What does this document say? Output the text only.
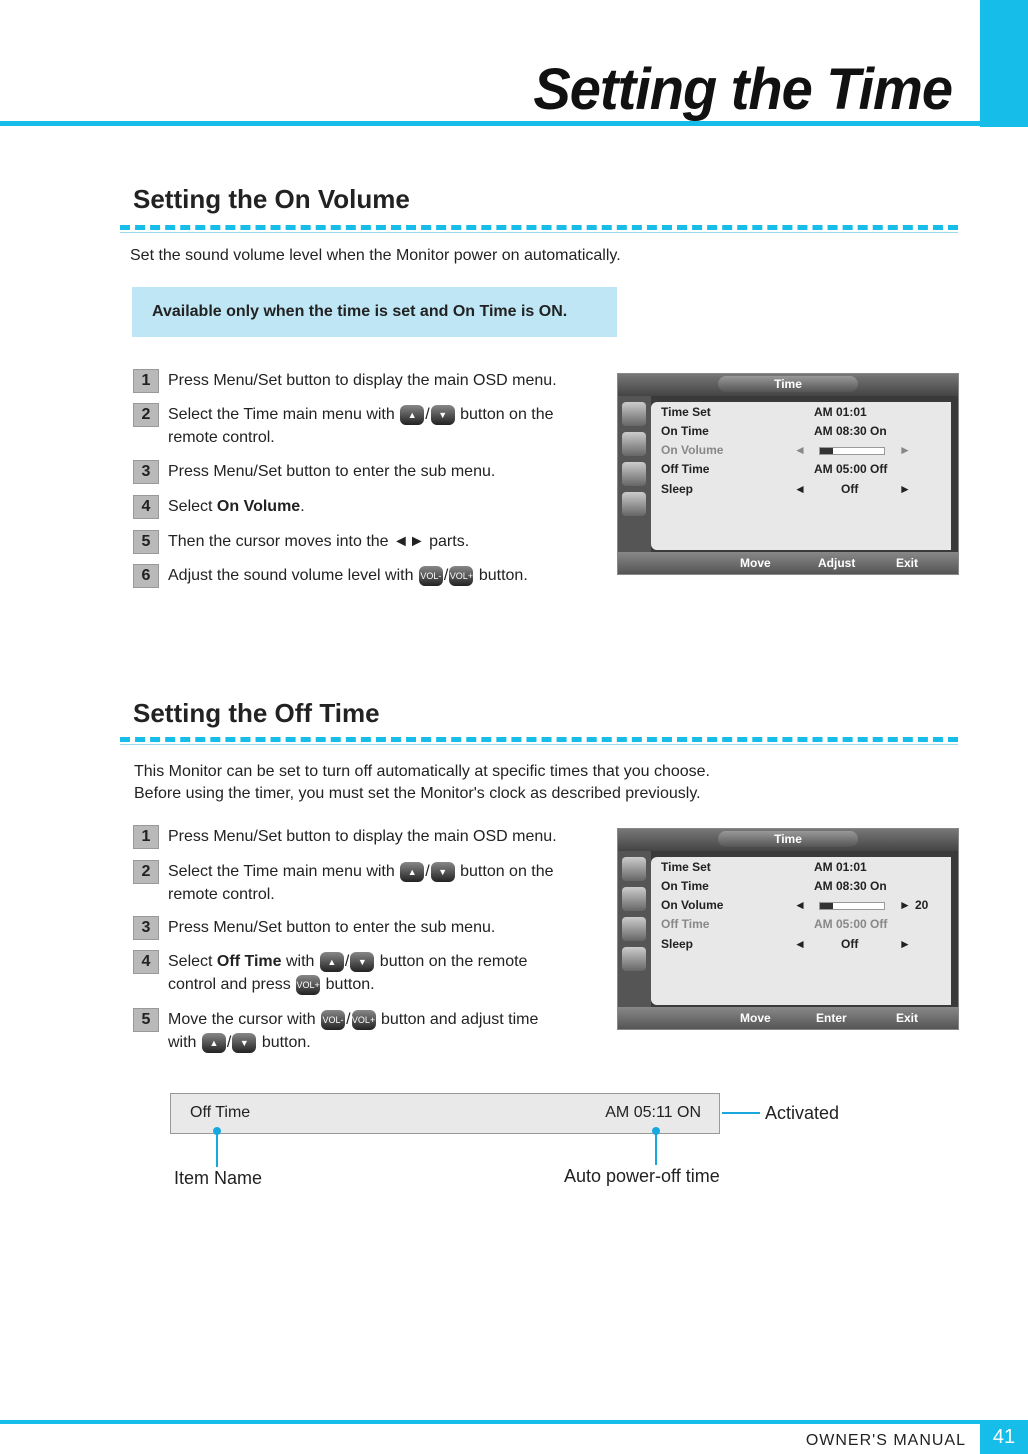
Setting the Time
Setting the On Volume
Set the sound volume level when the Monitor power on automatically.
Available only when the time is set and On Time is ON.
1	Press Menu/Set button to display the main OSD menu.
2	Select the Time main menu with ▲ / ▼ button on the
remote control.
3	Press Menu/Set button to enter the sub menu.
4	Select On Volume.
5	Then the cursor moves into the ◄► parts.
6	Adjust the sound volume level with VOL- /VOL+ button.
Time
Time Set	AM 01:01
On Time	AM 08:30 On
On Volume	◄	►
Off Time	AM 05:00 Off
Sleep	◄	Off	►
Move	Adjust	Exit
Setting the Off Time
This Monitor can be set to turn off automatically at specific times that you choose.
Before using the timer, you must set the Monitor's clock as described previously.
1	Press Menu/Set button to display the main OSD menu.
2	Select the Time main menu with ▲ / ▼ button on the
remote control.
3	Press Menu/Set button to enter the sub menu.
4	Select Off Time with ▲ / ▼ button on the remote
control and press VOL+ button.
5	Move the cursor with VOL- /VOL+ button and adjust time
with ▲ / ▼ button.
Time
Time Set	AM 01:01
On Time	AM 08:30 On
On Volume	◄	► 20
Off Time	AM 05:00 Off
Sleep	◄	Off	►
Move	Enter	Exit
Off Time	AM 05:11 ON	Activated
Item Name	Auto power-off time
OWNER'S MANUAL	41
